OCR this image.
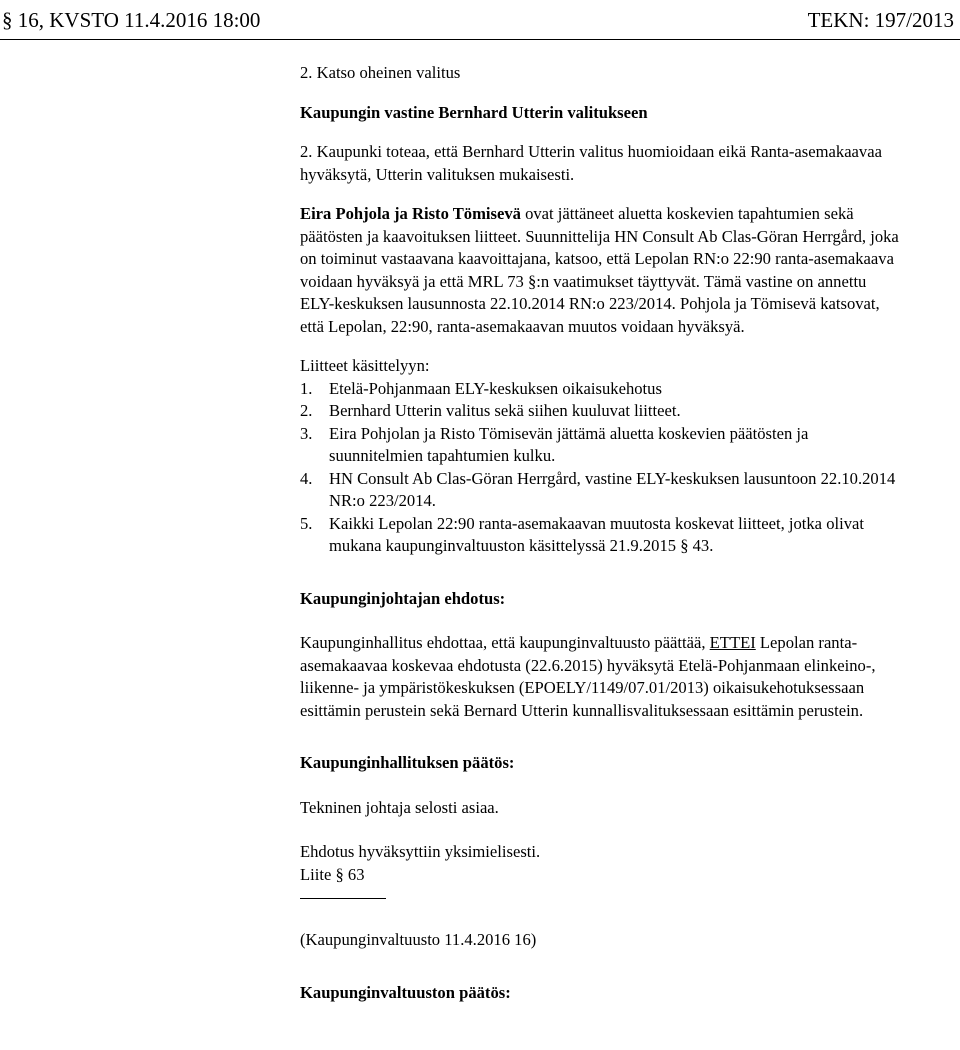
§ 16, KVSTO 11.4.2016 18:00	TEKN: 197/2013

2. Katso oheinen valitus

Kaupungin vastine Bernhard Utterin valitukseen

2. Kaupunki toteaa, että Bernhard Utterin valitus huomioidaan eikä Ranta-asemakaavaa hyväksytä, Utterin valituksen mukaisesti.

Eira Pohjola ja Risto Tömisevä ovat jättäneet aluetta koskevien tapahtumien sekä päätösten ja kaavoituksen liitteet. Suunnittelija HN Consult Ab Clas-Göran Herrgård, joka on toiminut vastaavana kaavoittajana, katsoo, että Lepolan RN:o 22:90 ranta-asemakaava voidaan hyväksyä ja että MRL 73 §:n vaatimukset täyttyvät. Tämä vastine on annettu ELY-keskuksen lausunnosta 22.10.2014 RN:o 223/2014. Pohjola ja Tömisevä katsovat, että Lepolan, 22:90, ranta-asemakaavan muutos voidaan hyväksyä.

Liitteet käsittelyyn:

1. Etelä-Pohjanmaan ELY-keskuksen oikaisukehotus
2. Bernhard Utterin valitus sekä siihen kuuluvat liitteet.
3. Eira Pohjolan ja Risto Tömisevän jättämä aluetta koskevien päätösten ja suunnitelmien tapahtumien kulku.
4. HN Consult Ab Clas-Göran Herrgård, vastine ELY-keskuksen lausuntoon 22.10.2014 NR:o 223/2014.
5. Kaikki Lepolan 22:90 ranta-asemakaavan muutosta koskevat liitteet, jotka olivat mukana kaupunginvaltuuston käsittelyssä 21.9.2015 § 43.

Kaupunginjohtajan ehdotus:

Kaupunginhallitus ehdottaa, että kaupunginvaltuusto päättää, ETTEI Lepolan ranta-asemakaavaa koskevaa ehdotusta (22.6.2015) hyväksytä Etelä-Pohjanmaan elinkeino-, liikenne- ja ympäristökeskuksen (EPOELY/1149/07.01/2013) oikaisukehotuksessaan esittämin perustein sekä Bernard Utterin kunnallisvalituksessaan esittämin perustein.

Kaupunginhallituksen päätös:

Tekninen johtaja selosti asiaa.

Ehdotus hyväksyttiin yksimielisesti.

Liite § 63

(Kaupunginvaltuusto 11.4.2016 16)

Kaupunginvaltuuston päätös:
